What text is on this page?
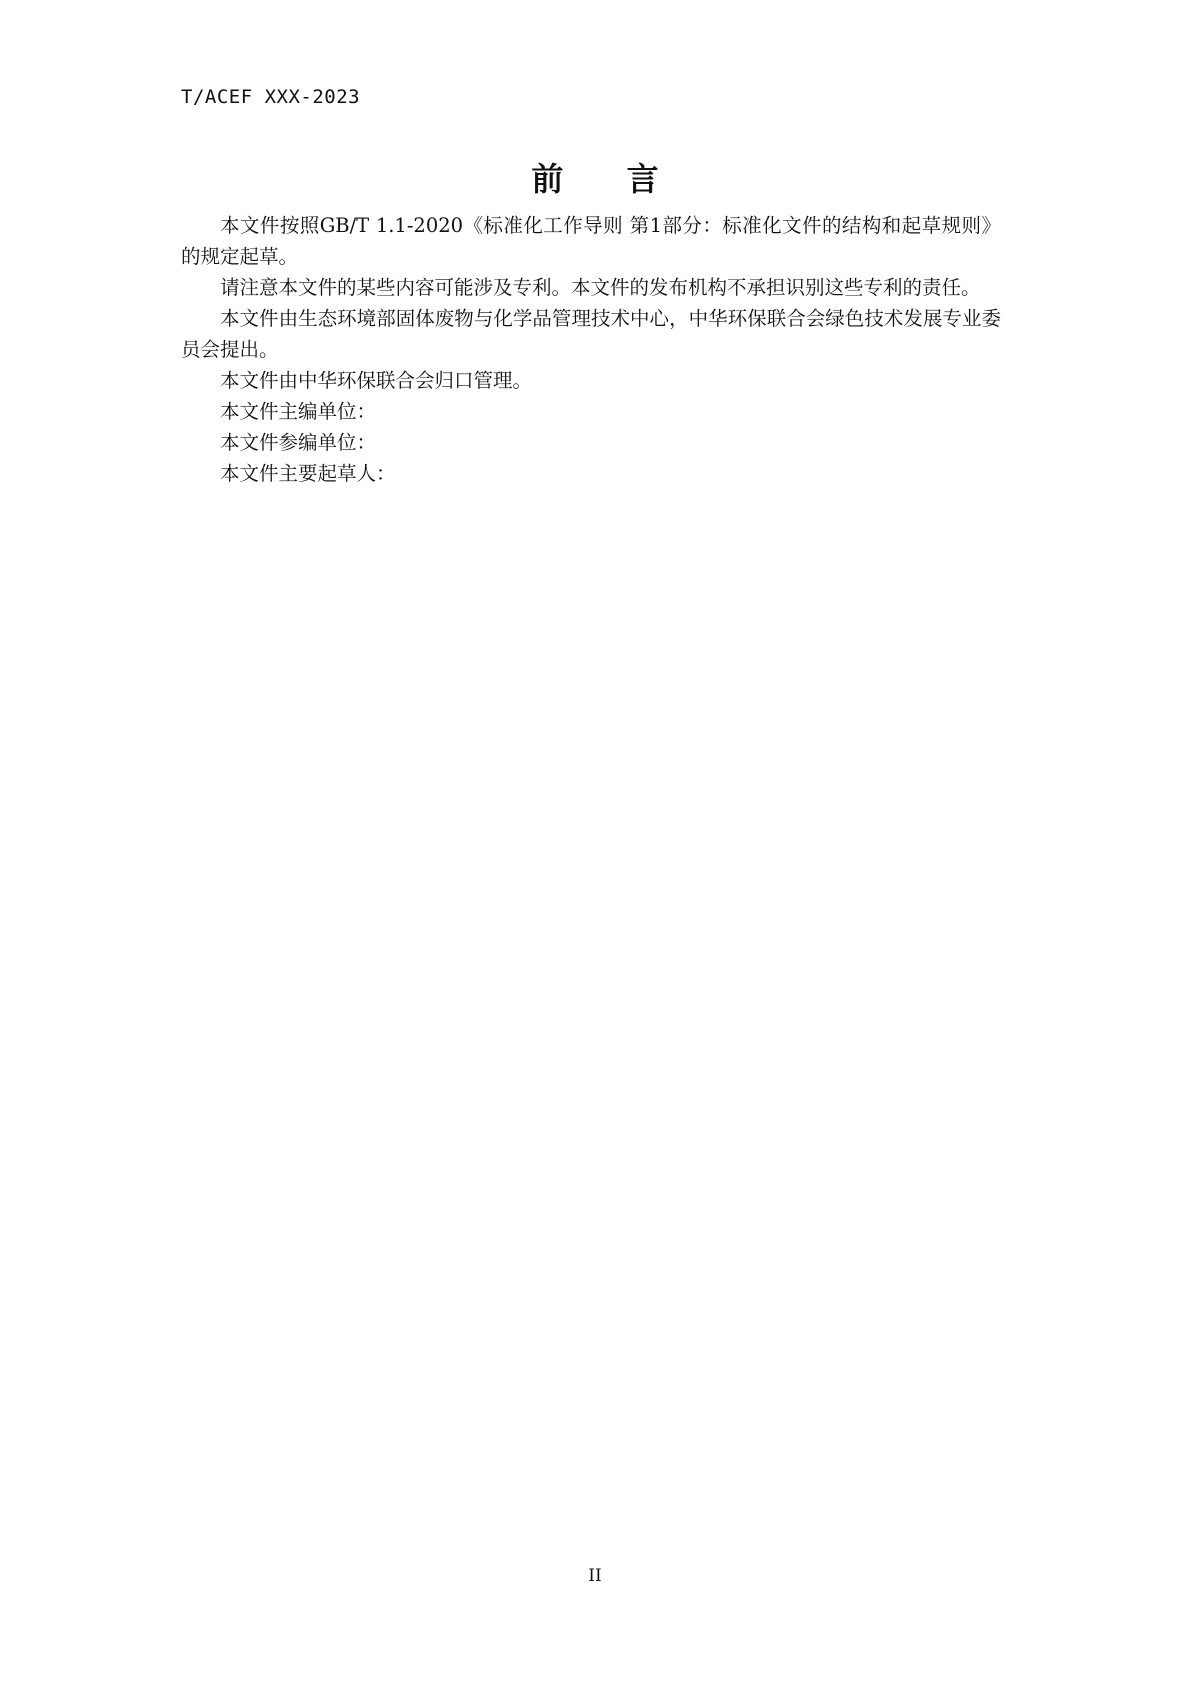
T/ACEF XXX-2023
前 言

本文件按照GB/T 1.1-2020《标准化工作导则 第1部分：标准化文件的结构和起草规则》的规定起草。

请注意本文件的某些内容可能涉及专利。本文件的发布机构不承担识别这些专利的责任。

本文件由生态环境部固体废物与化学品管理技术中心，中华环保联合会绿色技术发展专业委员会提出。

本文件由中华环保联合会归口管理。

本文件主编单位：

本文件参编单位：

本文件主要起草人：

II
